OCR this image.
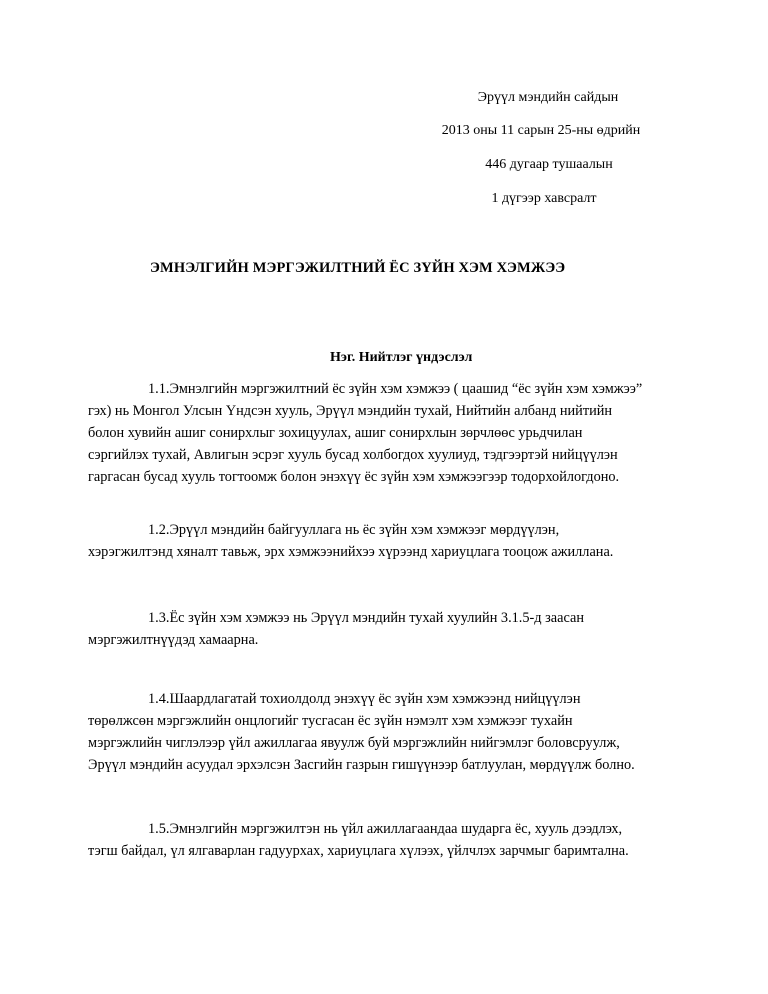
Эрүүл мэндийн сайдын
2013 оны 11 сарын 25-ны өдрийн
446 дугаар тушаалын
1 дүгээр хавсралт
ЭМНЭЛГИЙН МЭРГЭЖИЛТНИЙ ЁС ЗҮЙН ХЭМ ХЭМЖЭЭ
Нэг. Нийтлэг үндэслэл
1.1.Эмнэлгийн мэргэжилтний ёс зүйн хэм хэмжээ ( цаашид “ёс зүйн хэм хэмжээ”
гэх) нь Монгол Улсын Үндсэн хууль, Эрүүл мэндийн тухай, Нийтийн албанд нийтийн
болон хувийн ашиг сонирхлыг зохицуулах, ашиг сонирхлын зөрчлөөс урьдчилан
сэргийлэх тухай, Авлигын эсрэг хууль бусад холбогдох хуулиуд, тэдгээртэй нийцүүлэн
гаргасан бусад хууль тогтоомж болон энэхүү ёс зүйн хэм хэмжээгээр тодорхойлогдоно.
1.2.Эрүүл мэндийн байгууллага нь ёс зүйн хэм хэмжээг мөрдүүлэн,
хэрэгжилтэнд хяналт тавьж, эрх хэмжээнийхээ хүрээнд хариуцлага тооцож ажиллана.
1.3.Ёс зүйн хэм хэмжээ нь Эрүүл мэндийн тухай хуулийн 3.1.5-д заасан
мэргэжилтнүүдэд хамаарна.
1.4.Шаардлагатай тохиолдолд энэхүү ёс зүйн хэм хэмжээнд нийцүүлэн
төрөлжсөн мэргэжлийн онцлогийг тусгасан ёс зүйн нэмэлт хэм хэмжээг тухайн
мэргэжлийн чиглэлээр үйл ажиллагаа явуулж буй мэргэжлийн нийгэмлэг боловсруулж,
Эрүүл мэндийн асуудал эрхэлсэн Засгийн газрын гишүүнээр батлуулан, мөрдүүлж болно.
1.5.Эмнэлгийн мэргэжилтэн нь үйл ажиллагаандаа шударга ёс, хууль дээдлэх,
тэгш байдал, үл ялгаварлан гадуурхах, хариуцлага хүлээх, үйлчлэх зарчмыг баримтална.
